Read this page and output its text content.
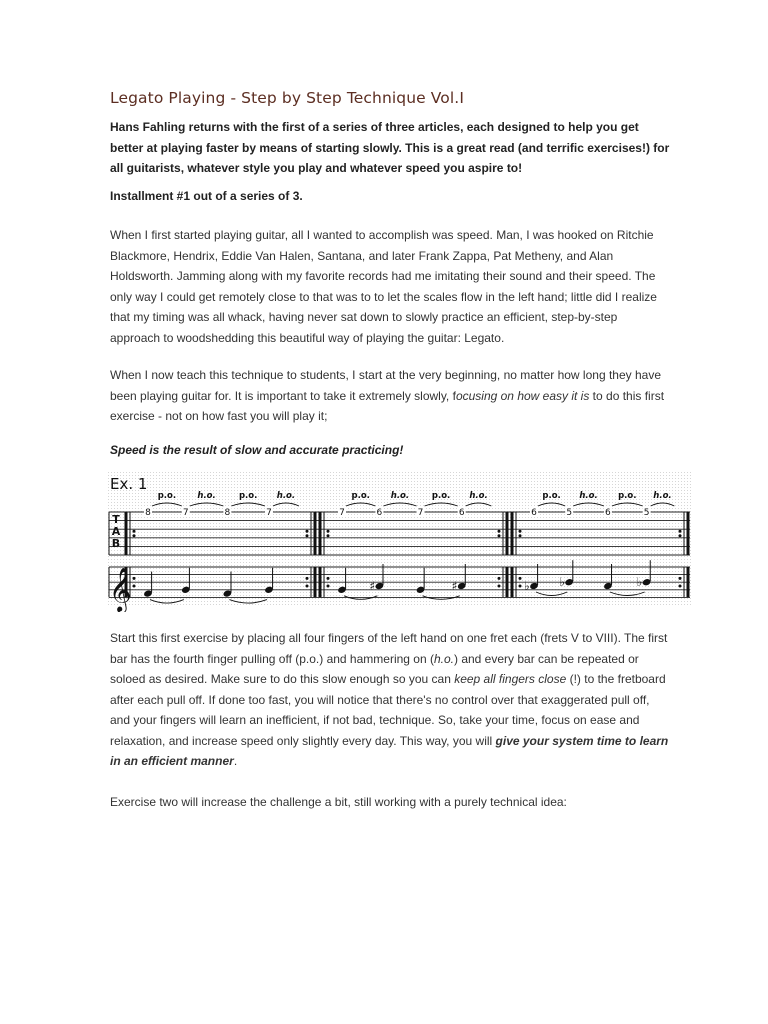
Legato Playing - Step by Step Technique Vol.I
Hans Fahling returns with the first of a series of three articles, each designed to help you get better at playing faster by means of starting slowly. This is a great read (and terrific exercises!) for all guitarists, whatever style you play and whatever speed you aspire to!
Installment #1 out of a series of 3.
When I first started playing guitar, all I wanted to accomplish was speed. Man, I was hooked on Ritchie Blackmore, Hendrix, Eddie Van Halen, Santana, and later Frank Zappa, Pat Metheny, and Alan Holdsworth. Jamming along with my favorite records had me imitating their sound and their speed. The only way I could get remotely close to that was to to let the scales flow in the left hand; little did I realize that my timing was all whack, having never sat down to slowly practice an efficient, step-by-step approach to woodshedding this beautiful way of playing the guitar: Legato.
When I now teach this technique to students, I start at the very beginning, no matter how long they have been playing guitar for. It is important to take it extremely slowly, focusing on how easy it is to do this first exercise - not on how fast you will play it;
Speed is the result of slow and accurate practicing!
Start this first exercise by placing all four fingers of the left hand on one fret each (frets V to VIII). The first bar has the fourth finger pulling off (p.o.) and hammering on (h.o.) and every bar can be repeated or soloed as desired. Make sure to do this slow enough so you can keep all fingers close (!) to the fretboard after each pull off. If done too fast, you will notice that there's no control over that exaggerated pull off, and your fingers will learn an inefficient, if not bad, technique. So, take your time, focus on ease and relaxation, and increase speed only slightly every day. This way, you will give your system time to learn in an efficient manner.
Exercise two will increase the challenge a bit, still working with a purely technical idea:
Ex. 1
T
A
B
𝄞
8	7	8	7
p.o.	h.o.	p.o. h.o.
7	6	7	6
p.o. h.o.	p.o. h.o.
♯	♯
6	5	6	5
p.o. h.o. p.o. h.o.
♭ ♭	♭
